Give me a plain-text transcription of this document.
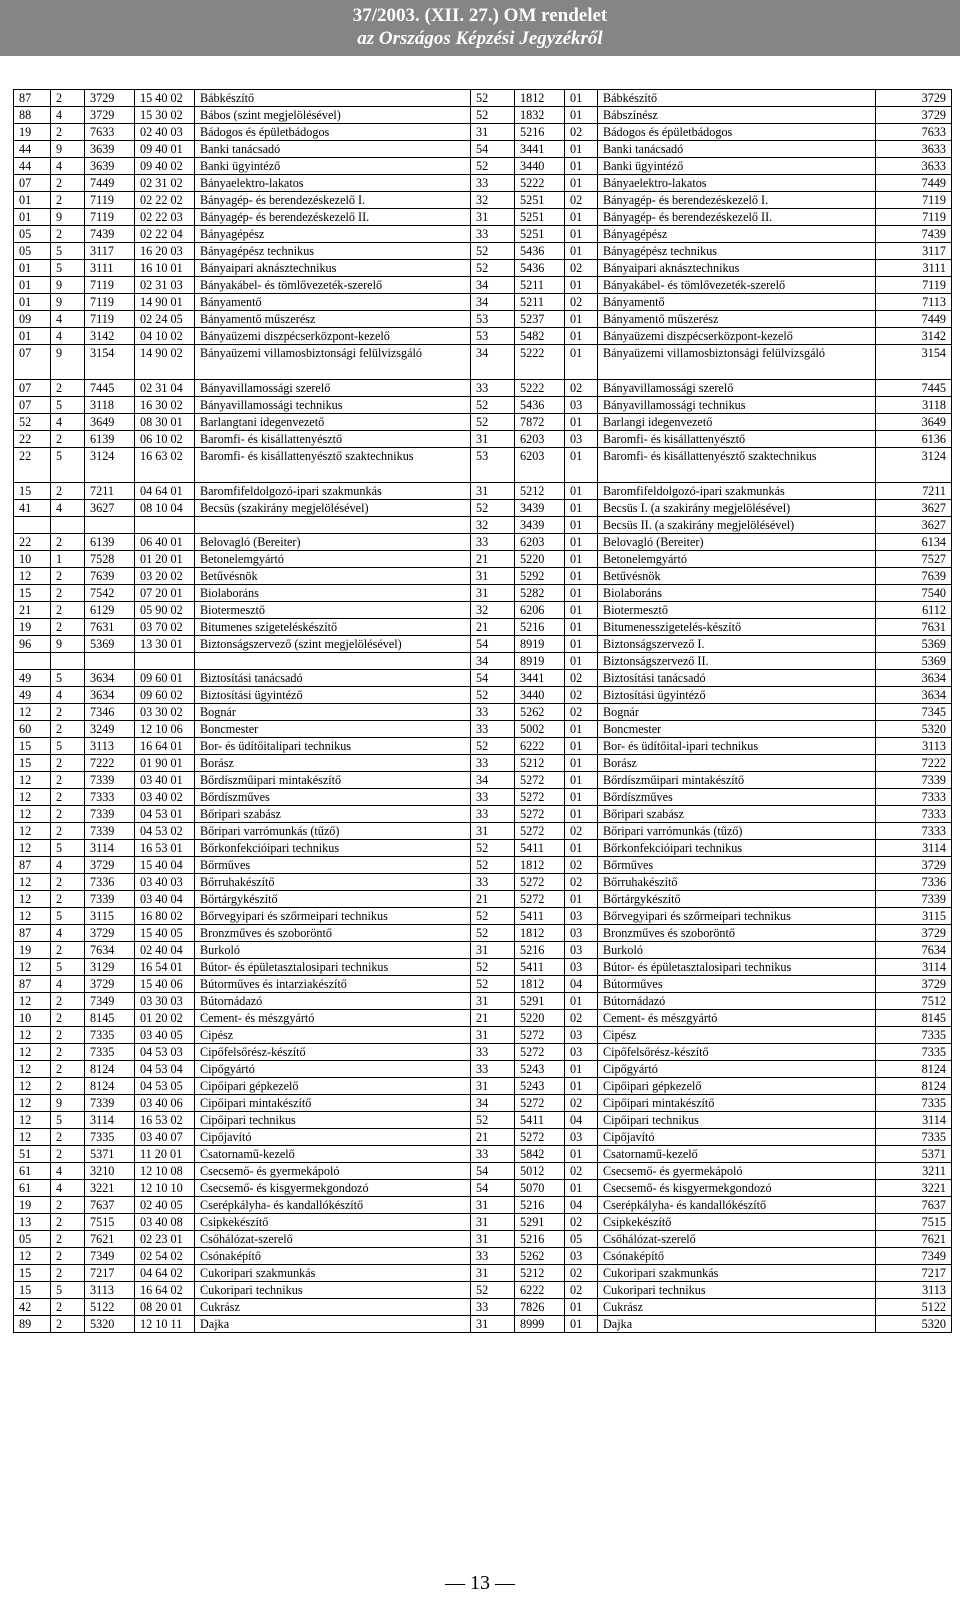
37/2003. (XII. 27.) OM rendelet
az Országos Képzési Jegyzékről
87	2	3729	15 40 02	Bábkészítő	52	1812	01	Bábkészítő	3729
88	4	3729	15 30 02	Bábos (szint megjelölésével)	52	1832	01	Bábszínész	3729
19	2	7633	02 40 03	Bádogos és épületbádogos	31	5216	02	Bádogos és épületbádogos	7633
44	9	3639	09 40 01	Banki tanácsadó	54	3441	01	Banki tanácsadó	3633
44	4	3639	09 40 02	Banki ügyintéző	52	3440	01	Banki ügyintéző	3633
07	2	7449	02 31 02	Bányaelektro-lakatos	33	5222	01	Bányaelektro-lakatos	7449
01	2	7119	02 22 02	Bányagép- és berendezéskezelő I.	32	5251	02	Bányagép- és berendezéskezelő I.	7119
01	9	7119	02 22 03	Bányagép- és berendezéskezelő II.	31	5251	01	Bányagép- és berendezéskezelő II.	7119
05	2	7439	02 22 04	Bányagépész	33	5251	01	Bányagépész	7439
05	5	3117	16 20 03	Bányagépész technikus	52	5436	01	Bányagépész technikus	3117
01	5	3111	16 10 01	Bányaipari aknásztechnikus	52	5436	02	Bányaipari aknásztechnikus	3111
01	9	7119	02 31 03	Bányakábel- és tömlővezeték-szerelő	34	5211	01	Bányakábel- és tömlővezeték-szerelő	7119
01	9	7119	14 90 01	Bányamentő	34	5211	02	Bányamentő	7113
09	4	7119	02 24 05	Bányamentő műszerész	53	5237	01	Bányamentő műszerész	7449
01	4	3142	04 10 02	Bányaüzemi diszpécserközpont-kezelő	53	5482	01	Bányaüzemi diszpécserközpont-kezelő	3142
07	9	3154	14 90 02	Bányaüzemi villamosbiztonsági felülvizsgáló	34	5222	01	Bányaüzemi villamosbiztonsági felülvizsgáló	3154
07	2	7445	02 31 04	Bányavillamossági szerelő	33	5222	02	Bányavillamossági szerelő	7445
07	5	3118	16 30 02	Bányavillamossági technikus	52	5436	03	Bányavillamossági technikus	3118
52	4	3649	08 30 01	Barlangtani idegenvezető	52	7872	01	Barlangi idegenvezető	3649
22	2	6139	06 10 02	Baromfi- és kisállattenyésztő	31	6203	03	Baromfi- és kisállattenyésztő	6136
22	5	3124	16 63 02	Baromfi- és kisállattenyésztő szaktechnikus	53	6203	01	Baromfi- és kisállattenyésztő szaktechnikus	3124
15	2	7211	04 64 01	Baromfifeldolgozó-ipari szakmunkás	31	5212	01	Baromfifeldolgozó-ipari szakmunkás	7211
41	4	3627	08 10 04	Becsüs (szakirány megjelölésével)	52	3439	01	Becsüs I. (a szakirány megjelölésével)	3627
					32	3439	01	Becsüs II. (a szakirány megjelölésével)	3627
22	2	6139	06 40 01	Belovagló (Bereiter)	33	6203	01	Belovagló (Bereiter)	6134
10	1	7528	01 20 01	Betonelemgyártó	21	5220	01	Betonelemgyártó	7527
12	2	7639	03 20 02	Betűvésnök	31	5292	01	Betűvésnök	7639
15	2	7542	07 20 01	Biolaboráns	31	5282	01	Biolaboráns	7540
21	2	6129	05 90 02	Biotermesztő	32	6206	01	Biotermesztő	6112
19	2	7631	03 70 02	Bitumenes szigeteléskészítő	21	5216	01	Bitumenesszigetelés-készítő	7631
96	9	5369	13 30 01	Biztonságszervező (szint megjelölésével)	54	8919	01	Biztonságszervező I.	5369
					34	8919	01	Biztonságszervező II.	5369
49	5	3634	09 60 01	Biztosítási tanácsadó	54	3441	02	Biztosítási tanácsadó	3634
49	4	3634	09 60 02	Biztosítási ügyintéző	52	3440	02	Biztosítási ügyintéző	3634
12	2	7346	03 30 02	Bognár	33	5262	02	Bognár	7345
60	2	3249	12 10 06	Boncmester	33	5002	01	Boncmester	5320
15	5	3113	16 64 01	Bor- és üdítőitalipari technikus	52	6222	01	Bor- és üdítőital-ipari technikus	3113
15	2	7222	01 90 01	Borász	33	5212	01	Borász	7222
12	2	7339	03 40 01	Bőrdíszműipari mintakészítő	34	5272	01	Bőrdíszműipari mintakészítő	7339
12	2	7333	03 40 02	Bőrdíszműves	33	5272	01	Bőrdíszműves	7333
12	2	7339	04 53 01	Bőripari szabász	33	5272	01	Bőripari szabász	7333
12	2	7339	04 53 02	Bőripari varrómunkás (tűző)	31	5272	02	Bőripari varrómunkás (tűző)	7333
12	5	3114	16 53 01	Bőrkonfekcióipari technikus	52	5411	01	Bőrkonfekcióipari technikus	3114
87	4	3729	15 40 04	Bőrműves	52	1812	02	Bőrműves	3729
12	2	7336	03 40 03	Bőrruhakészítő	33	5272	02	Bőrruhakészítő	7336
12	2	7339	03 40 04	Bőrtárgykészítő	21	5272	01	Bőrtárgykészítő	7339
12	5	3115	16 80 02	Bőrvegyipari és szőrmeipari technikus	52	5411	03	Bőrvegyipari és szőrmeipari technikus	3115
87	4	3729	15 40 05	Bronzműves és szoboröntő	52	1812	03	Bronzműves és szoboröntő	3729
19	2	7634	02 40 04	Burkoló	31	5216	03	Burkoló	7634
12	5	3129	16 54 01	Bútor- és épületasztalosipari technikus	52	5411	03	Bútor- és épületasztalosipari technikus	3114
87	4	3729	15 40 06	Bútorműves és intarziakészítő	52	1812	04	Bútorműves	3729
12	2	7349	03 30 03	Bútornádazó	31	5291	01	Bútornádazó	7512
10	2	8145	01 20 02	Cement- és mészgyártó	21	5220	02	Cement- és mészgyártó	8145
12	2	7335	03 40 05	Cipész	31	5272	03	Cipész	7335
12	2	7335	04 53 03	Cipőfelsőrész-készítő	33	5272	03	Cipőfelsőrész-készítő	7335
12	2	8124	04 53 04	Cipőgyártó	33	5243	01	Cipőgyártó	8124
12	2	8124	04 53 05	Cipőipari gépkezelő	31	5243	01	Cipőipari gépkezelő	8124
12	9	7339	03 40 06	Cipőipari mintakészítő	34	5272	02	Cipőipari mintakészítő	7335
12	5	3114	16 53 02	Cipőipari technikus	52	5411	04	Cipőipari technikus	3114
12	2	7335	03 40 07	Cipőjavító	21	5272	03	Cipőjavító	7335
51	2	5371	11 20 01	Csatornamű-kezelő	33	5842	01	Csatornamű-kezelő	5371
61	4	3210	12 10 08	Csecsemő- és gyermekápoló	54	5012	02	Csecsemő- és gyermekápoló	3211
61	4	3221	12 10 10	Csecsemő- és kisgyermekgondozó	54	5070	01	Csecsemő- és kisgyermekgondozó	3221
19	2	7637	02 40 05	Cserépkályha- és kandallókészítő	31	5216	04	Cserépkályha- és kandallókészítő	7637
13	2	7515	03 40 08	Csipkekészítő	31	5291	02	Csipkekészítő	7515
05	2	7621	02 23 01	Csőhálózat-szerelő	31	5216	05	Csőhálózat-szerelő	7621
12	2	7349	02 54 02	Csónaképítő	33	5262	03	Csónaképítő	7349
15	2	7217	04 64 02	Cukoripari szakmunkás	31	5212	02	Cukoripari szakmunkás	7217
15	5	3113	16 64 02	Cukoripari technikus	52	6222	02	Cukoripari technikus	3113
42	2	5122	08 20 01	Cukrász	33	7826	01	Cukrász	5122
89	2	5320	12 10 11	Dajka	31	8999	01	Dajka	5320
— 13 —
